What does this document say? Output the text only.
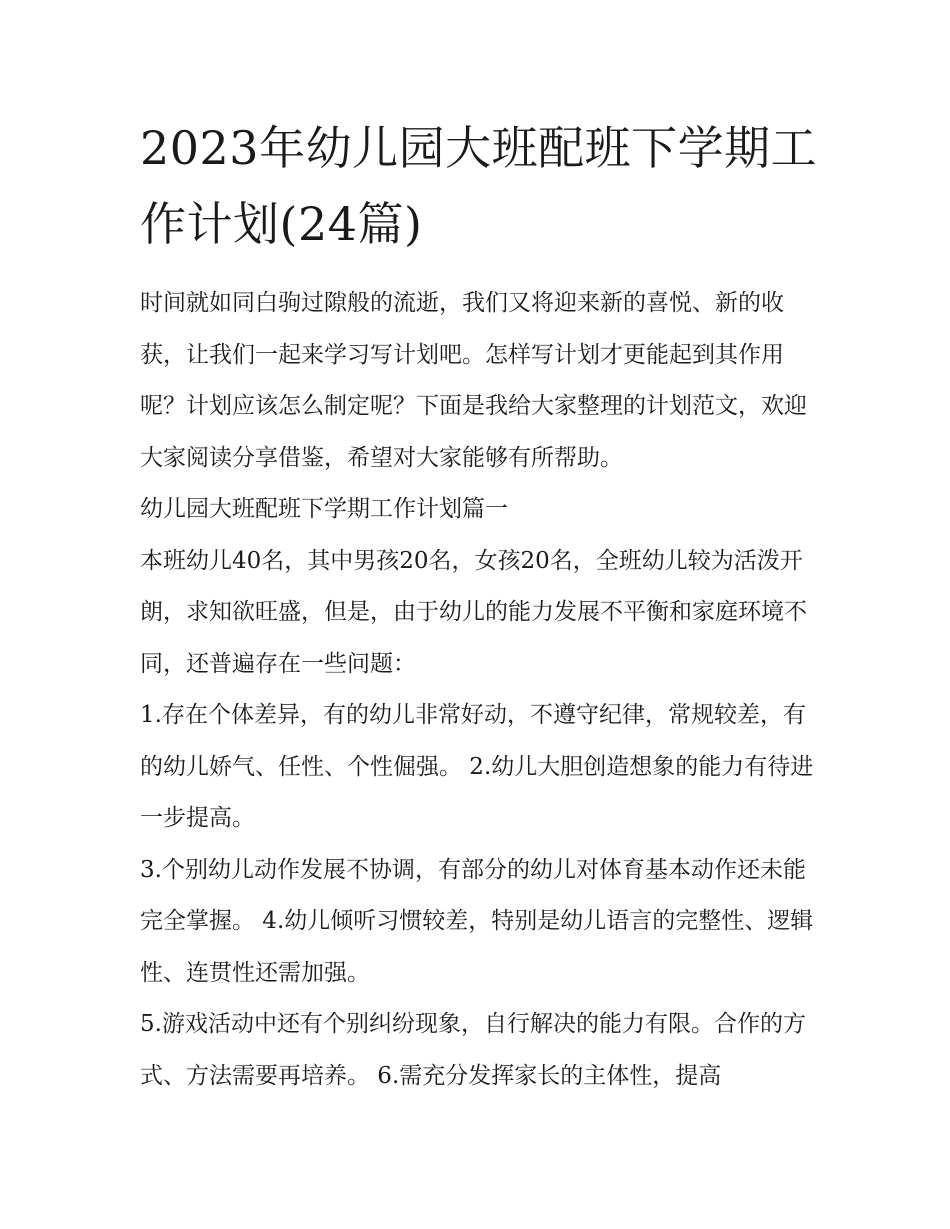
2023年幼儿园大班配班下学期工作计划(24篇)

时间就如同白驹过隙般的流逝，我们又将迎来新的喜悦、新的收获，让我们一起来学习写计划吧。怎样写计划才更能起到其作用呢？计划应该怎么制定呢？下面是我给大家整理的计划范文，欢迎大家阅读分享借鉴，希望对大家能够有所帮助。

幼儿园大班配班下学期工作计划篇一

本班幼儿40名，其中男孩20名，女孩20名，全班幼儿较为活泼开朗，求知欲旺盛，但是，由于幼儿的能力发展不平衡和家庭环境不同，还普遍存在一些问题：

1.存在个体差异，有的幼儿非常好动，不遵守纪律，常规较差，有的幼儿娇气、任性、个性倔强。 2.幼儿大胆创造想象的能力有待进一步提高。

3.个别幼儿动作发展不协调，有部分的幼儿对体育基本动作还未能完全掌握。 4.幼儿倾听习惯较差，特别是幼儿语言的完整性、逻辑性、连贯性还需加强。

5.游戏活动中还有个别纠纷现象，自行解决的能力有限。合作的方式、方法需要再培养。 6.需充分发挥家长的主体性，提高
